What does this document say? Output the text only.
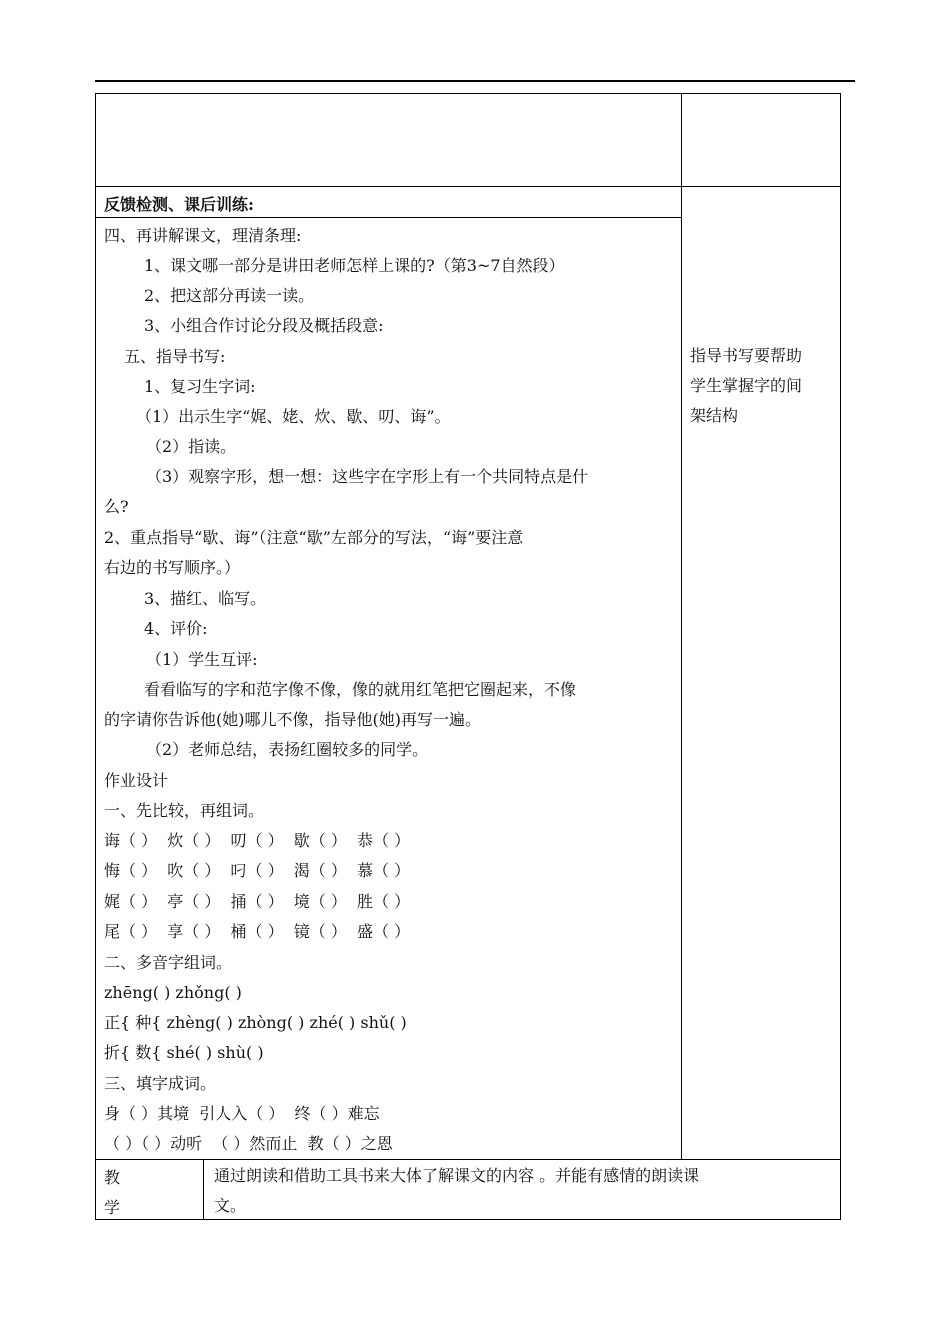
反馈检测、课后训练:
四、再讲解课文，理清条理:
1、课文哪一部分是讲田老师怎样上课的?（第3~7自然段）
2、把这部分再读一读。
3、小组合作讨论分段及概括段意:
五、指导书写:
1、复习生字词:
（1）出示生字“娓、姥、炊、歇、叨、诲”。
（2）指读。
（3）观察字形，想一想：这些字在字形上有一个共同特点是什
么?
2、重点指导“歇、诲”（注意“歇”左部分的写法，“诲”要注意
右边的书写顺序。）
3、描红、临写。
4、评价:
（1）学生互评:
看看临写的字和范字像不像，像的就用红笔把它圈起来，不像
的字请你告诉他(她)哪儿不像，指导他(她)再写一遍。
（2）老师总结，表扬红圈较多的同学。
作业设计
一、先比较，再组词。
诲（ ）  炊（ ）  叨（ ）  歇（ ）  恭（ ）
悔（ ）  吹（ ）  叼（ ）  渴（ ）  慕（ ）
娓（ ）  亭（ ）  捅（ ）  境（ ）  胜（ ）
尾（ ）  享（ ）  桶（ ）  镜（ ）  盛（ ）
二、多音字组词。
zhēng( ) zhǒng( )
正{ 种{ zhèng( ) zhòng( ) zhé( ) shǔ( )
折{ 数{ shé( ) shù( )
三、填字成词。
身（ ）其境  引人入（ ）  终（ ）难忘
（ ）（ ）动听  （ ）然而止  教（ ）之恩
指导书写要帮助
学生掌握字的间
架结构
教
学
通过朗读和借助工具书来大体了解课文的内容 。并能有感情的朗读课
文。
